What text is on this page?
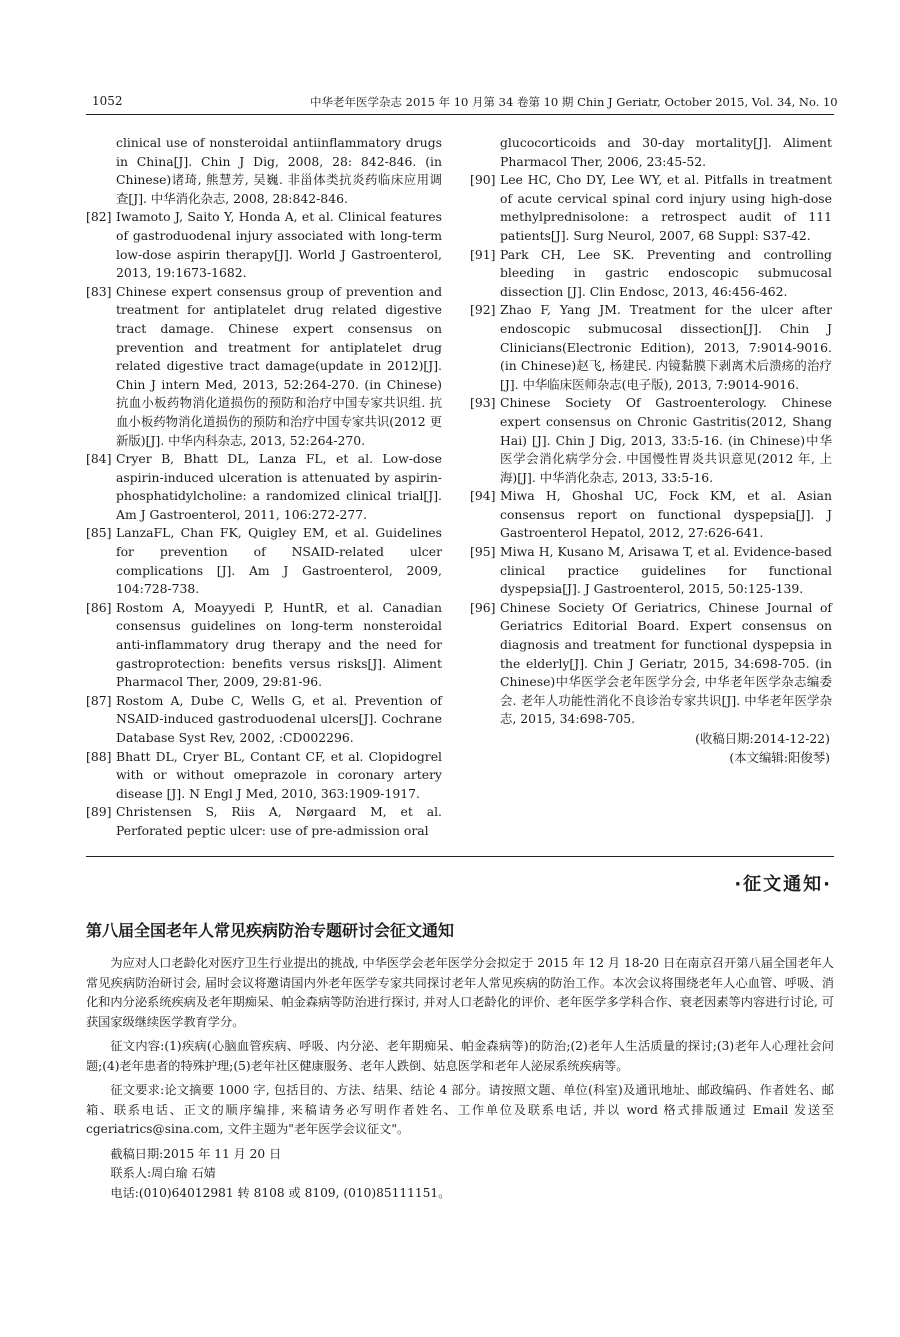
1052	中华老年医学杂志 2015 年 10 月第 34 卷第 10 期 Chin J Geriatr, October 2015, Vol. 34, No. 10
clinical use of nonsteroidal antiinflammatory drugs in China[J]. Chin J Dig, 2008, 28: 842-846. (in Chinese)诸琦, 熊慧芳, 吴巍. 非甾体类抗炎药临床应用调查[J]. 中华消化杂志, 2008, 28:842-846.
[82] Iwamoto J, Saito Y, Honda A, et al. Clinical features of gastroduodenal injury associated with long-term low-dose aspirin therapy[J]. World J Gastroenterol, 2013, 19:1673-1682.
[83] Chinese expert consensus group of prevention and treatment for antiplatelet drug related digestive tract damage. Chinese expert consensus on prevention and treatment for antiplatelet drug related digestive tract damage(update in 2012)[J]. Chin J intern Med, 2013, 52:264-270. (in Chinese)抗血小板药物消化道损伤的预防和治疗中国专家共识组. 抗血小板药物消化道损伤的预防和治疗中国专家共识(2012 更新版)[J]. 中华内科杂志, 2013, 52:264-270.
[84] Cryer B, Bhatt DL, Lanza FL, et al. Low-dose aspirin-induced ulceration is attenuated by aspirin-phosphatidylcholine: a randomized clinical trial[J]. Am J Gastroenterol, 2011, 106:272-277.
[85] LanzaFL, Chan FK, Quigley EM, et al. Guidelines for prevention of NSAID-related ulcer complications [J]. Am J Gastroenterol, 2009, 104:728-738.
[86] Rostom A, Moayyedi P, HuntR, et al. Canadian consensus guidelines on long-term nonsteroidal anti-inflammatory drug therapy and the need for gastroprotection: benefits versus risks[J]. Aliment Pharmacol Ther, 2009, 29:81-96.
[87] Rostom A, Dube C, Wells G, et al. Prevention of NSAID-induced gastroduodenal ulcers[J]. Cochrane Database Syst Rev, 2002, :CD002296.
[88] Bhatt DL, Cryer BL, Contant CF, et al. Clopidogrel with or without omeprazole in coronary artery disease [J]. N Engl J Med, 2010, 363:1909-1917.
[89] Christensen S, Riis A, Nørgaard M, et al. Perforated peptic ulcer: use of pre-admission oral
glucocorticoids and 30-day mortality[J]. Aliment Pharmacol Ther, 2006, 23:45-52.
[90] Lee HC, Cho DY, Lee WY, et al. Pitfalls in treatment of acute cervical spinal cord injury using high-dose methylprednisolone: a retrospect audit of 111 patients[J]. Surg Neurol, 2007, 68 Suppl: S37-42.
[91] Park CH, Lee SK. Preventing and controlling bleeding in gastric endoscopic submucosal dissection [J]. Clin Endosc, 2013, 46:456-462.
[92] Zhao F, Yang JM. Treatment for the ulcer after endoscopic submucosal dissection[J]. Chin J Clinicians(Electronic Edition), 2013, 7:9014-9016. (in Chinese)赵飞, 杨建民. 内镜黏膜下剥离术后溃疡的治疗[J]. 中华临床医师杂志(电子版), 2013, 7:9014-9016.
[93] Chinese Society Of Gastroenterology. Chinese expert consensus on Chronic Gastritis(2012, Shang Hai) [J]. Chin J Dig, 2013, 33:5-16. (in Chinese)中华医学会消化病学分会. 中国慢性胃炎共识意见(2012 年, 上海)[J]. 中华消化杂志, 2013, 33:5-16.
[94] Miwa H, Ghoshal UC, Fock KM, et al. Asian consensus report on functional dyspepsia[J]. J Gastroenterol Hepatol, 2012, 27:626-641.
[95] Miwa H, Kusano M, Arisawa T, et al. Evidence-based clinical practice guidelines for functional dyspepsia[J]. J Gastroenterol, 2015, 50:125-139.
[96] Chinese Society Of Geriatrics, Chinese Journal of Geriatrics Editorial Board. Expert consensus on diagnosis and treatment for functional dyspepsia in the elderly[J]. Chin J Geriatr, 2015, 34:698-705. (in Chinese)中华医学会老年医学分会, 中华老年医学杂志编委会. 老年人功能性消化不良诊治专家共识[J]. 中华老年医学杂志, 2015, 34:698-705.
(收稿日期:2014-12-22)
(本文编辑:阳俊琴)
·征文通知·
第八届全国老年人常见疾病防治专题研讨会征文通知

为应对人口老龄化对医疗卫生行业提出的挑战, 中华医学会老年医学分会拟定于 2015 年 12 月 18-20 日在南京召开第八届全国老年人常见疾病防治研讨会, 届时会议将邀请国内外老年医学专家共同探讨老年人常见疾病的防治工作。本次会议将围绕老年人心血管、呼吸、消化和内分泌系统疾病及老年期痴呆、帕金森病等防治进行探讨, 并对人口老龄化的评价、老年医学多学科合作、衰老因素等内容进行讨论, 可获国家级继续医学教育学分。

征文内容:(1)疾病(心脑血管疾病、呼吸、内分泌、老年期痴呆、帕金森病等)的防治;(2)老年人生活质量的探讨;(3)老年人心理社会问题;(4)老年患者的特殊护理;(5)老年社区健康服务、老年人跌倒、姑息医学和老年人泌尿系统疾病等。

征文要求:论文摘要 1000 字, 包括目的、方法、结果、结论 4 部分。请按照文题、单位(科室)及通讯地址、邮政编码、作者姓名、邮箱、联系电话、正文的顺序编排, 来稿请务必写明作者姓名、工作单位及联系电话, 并以 word 格式排版通过 Email 发送至 cgeriatrics@sina.com, 文件主题为"老年医学会议征文"。

截稿日期:2015 年 11 月 20 日
联系人:周白瑜 石婧
电话:(010)64012981 转 8108 或 8109, (010)85111151。
